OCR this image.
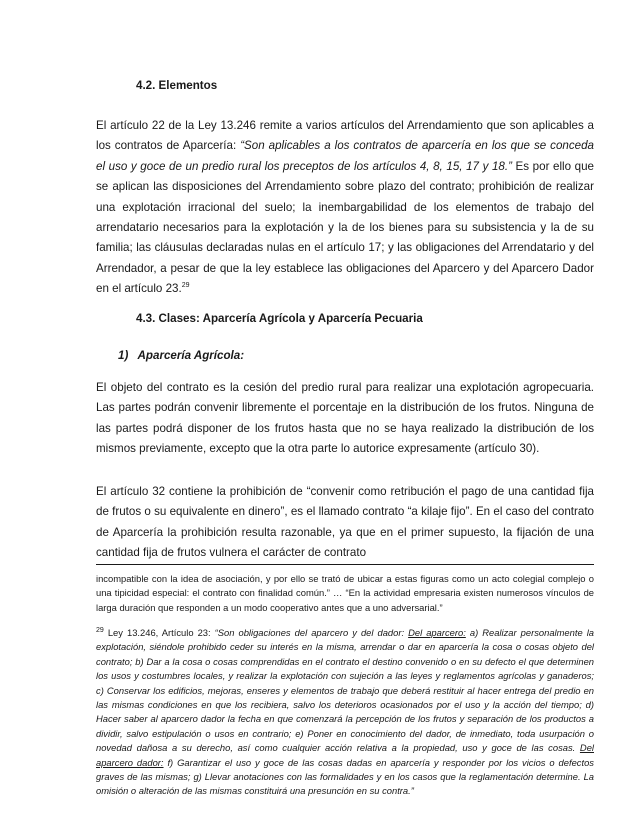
4.2. Elementos
El artículo 22 de la Ley 13.246 remite a varios artículos del Arrendamiento que son aplicables a los contratos de Aparcería: “Son aplicables a los contratos de aparcería en los que se conceda el uso y goce de un predio rural los preceptos de los artículos 4, 8, 15, 17 y 18.” Es por ello que se aplican las disposiciones del Arrendamiento sobre plazo del contrato; prohibición de realizar una explotación irracional del suelo; la inembargabilidad de los elementos de trabajo del arrendatario necesarios para la explotación y la de los bienes para su subsistencia y la de su familia; las cláusulas declaradas nulas en el artículo 17; y las obligaciones del Arrendatario y del Arrendador, a pesar de que la ley establece las obligaciones del Aparcero y del Aparcero Dador en el artículo 23.29
4.3. Clases: Aparcería Agrícola y Aparcería Pecuaria
1)   Aparcería Agrícola:
El objeto del contrato es la cesión del predio rural para realizar una explotación agropecuaria. Las partes podrán convenir libremente el porcentaje en la distribución de los frutos. Ninguna de las partes podrá disponer de los frutos hasta que no se haya realizado la distribución de los mismos previamente, excepto que la otra parte lo autorice expresamente (artículo 30).
El artículo 32 contiene la prohibición de “convenir como retribución el pago de una cantidad fija de frutos o su equivalente en dinero”, es el llamado contrato “a kilaje fijo”. En el caso del contrato de Aparcería la prohibición resulta razonable, ya que en el primer supuesto, la fijación de una cantidad fija de frutos vulnera el carácter de contrato
incompatible con la idea de asociación, y por ello se trató de ubicar a estas figuras como un acto colegial complejo o una tipicidad especial: el contrato con finalidad común.” … “En la actividad empresaria existen numerosos vínculos de larga duración que responden a un modo cooperativo antes que a uno adversarial.”
$^{29}$ Ley 13.246, Artículo 23: “Son obligaciones del aparcero y del dador: Del aparcero: a) Realizar personalmente la explotación, siéndole prohibido ceder su interés en la misma, arrendar o dar en aparcería la cosa o cosas objeto del contrato; b) Dar a la cosa o cosas comprendidas en el contrato el destino convenido o en su defecto el que determinen los usos y costumbres locales, y realizar la explotación con sujeción a las leyes y reglamentos agrícolas y ganaderos; c) Conservar los edificios, mejoras, enseres y elementos de trabajo que deberá restituir al hacer entrega del predio en las mismas condiciones en que los recibiera, salvo los deterioros ocasionados por el uso y la acción del tiempo; d) Hacer saber al aparcero dador la fecha en que comenzará la percepción de los frutos y separación de los productos a dividir, salvo estipulación o usos en contrario; e) Poner en conocimiento del dador, de inmediato, toda usurpación o novedad dañosa a su derecho, así como cualquier acción relativa a la propiedad, uso y goce de las cosas. Del aparcero dador: f) Garantizar el uso y goce de las cosas dadas en aparcería y responder por los vicios o defectos graves de las mismas; g) Llevar anotaciones con las formalidades y en los casos que la reglamentación determine. La omisión o alteración de las mismas constituirá una presunción en su contra.”
